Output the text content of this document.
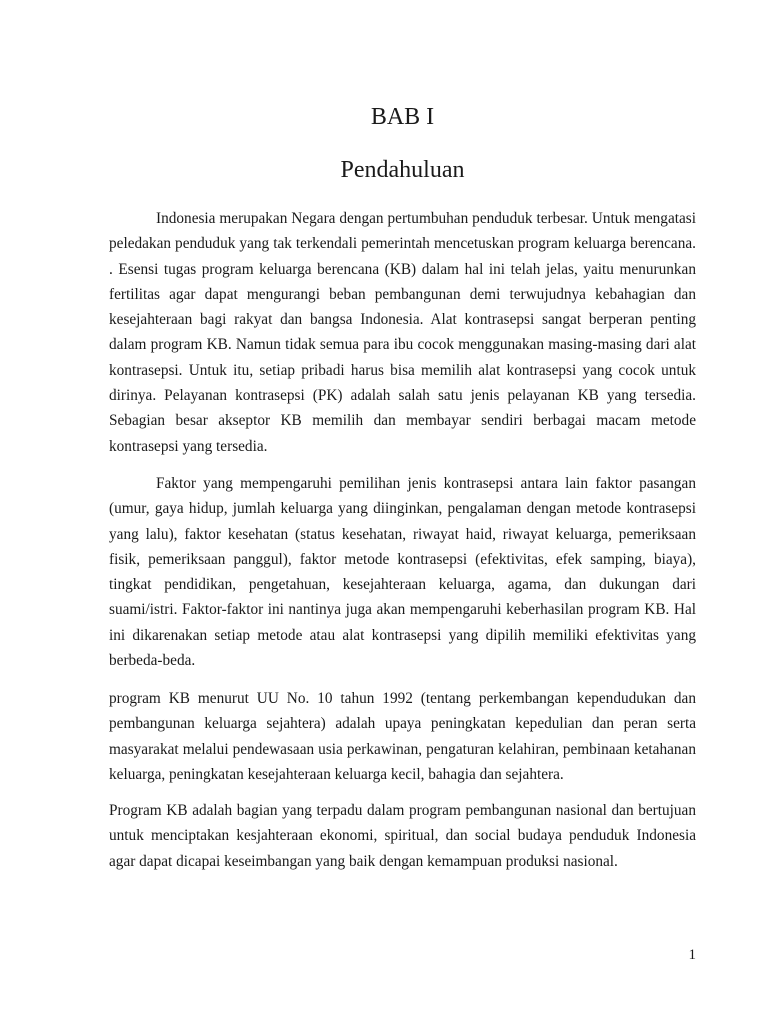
BAB I
Pendahuluan

Indonesia merupakan Negara dengan pertumbuhan penduduk terbesar. Untuk mengatasi peledakan penduduk yang tak terkendali pemerintah mencetuskan program keluarga berencana. . Esensi tugas program keluarga berencana (KB) dalam hal ini telah jelas, yaitu menurunkan fertilitas agar dapat mengurangi beban pembangunan demi terwujudnya kebahagian dan kesejahteraan bagi rakyat dan bangsa Indonesia. Alat kontrasepsi sangat berperan penting dalam program KB. Namun tidak semua para ibu cocok menggunakan masing-masing dari alat kontrasepsi. Untuk itu, setiap pribadi harus bisa memilih alat kontrasepsi yang cocok untuk dirinya. Pelayanan kontrasepsi (PK) adalah salah satu jenis pelayanan KB yang tersedia. Sebagian besar akseptor KB memilih dan membayar sendiri berbagai macam metode kontrasepsi yang tersedia.

Faktor yang mempengaruhi pemilihan jenis kontrasepsi antara lain faktor pasangan (umur, gaya hidup, jumlah keluarga yang diinginkan, pengalaman dengan metode kontrasepsi yang lalu), faktor kesehatan (status kesehatan, riwayat haid, riwayat keluarga, pemeriksaan fisik, pemeriksaan panggul), faktor metode kontrasepsi (efektivitas, efek samping, biaya), tingkat pendidikan, pengetahuan, kesejahteraan keluarga, agama, dan dukungan dari suami/istri. Faktor-faktor ini nantinya juga akan mempengaruhi keberhasilan program KB. Hal ini dikarenakan setiap metode atau alat kontrasepsi yang dipilih memiliki efektivitas yang berbeda-beda.

program KB menurut UU No. 10 tahun 1992 (tentang perkembangan kependudukan dan pembangunan keluarga sejahtera) adalah upaya peningkatan kepedulian dan peran serta masyarakat melalui pendewasaan usia perkawinan, pengaturan kelahiran, pembinaan ketahanan keluarga, peningkatan kesejahteraan keluarga kecil, bahagia dan sejahtera.

Program KB adalah bagian yang terpadu dalam program pembangunan nasional dan bertujuan untuk menciptakan kesjahteraan ekonomi, spiritual, dan social budaya penduduk Indonesia agar dapat dicapai keseimbangan yang baik dengan kemampuan produksi nasional.

1
